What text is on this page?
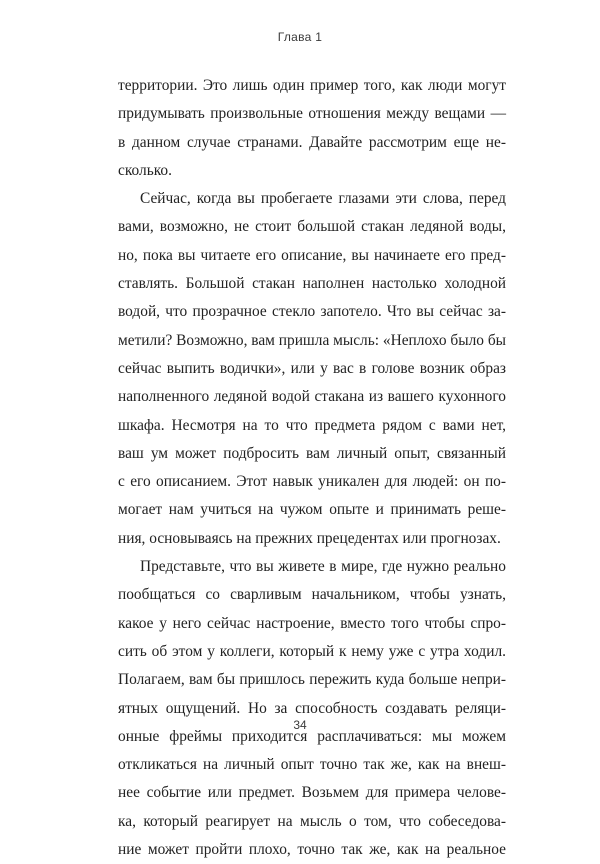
Глава 1
территории. Это лишь один пример того, как люди могут
придумывать произвольные отношения между вещами —
в данном случае странами. Давайте рассмотрим еще не-
сколько.
Сейчас, когда вы пробегаете глазами эти слова, перед
вами, возможно, не стоит большой стакан ледяной воды,
но, пока вы читаете его описание, вы начинаете его пред-
ставлять. Большой стакан наполнен настолько холодной
водой, что прозрачное стекло запотело. Что вы сейчас за-
метили? Возможно, вам пришла мысль: «Неплохо было бы
сейчас выпить водички», или у вас в голове возник образ
наполненного ледяной водой стакана из вашего кухонного
шкафа. Несмотря на то что предмета рядом с вами нет,
ваш ум может подбросить вам личный опыт, связанный
с его описанием. Этот навык уникален для людей: он по-
могает нам учиться на чужом опыте и принимать реше-
ния, основываясь на прежних прецедентах или прогнозах.
Представьте, что вы живете в мире, где нужно реально
пообщаться со сварливым начальником, чтобы узнать,
какое у него сейчас настроение, вместо того чтобы спро-
сить об этом у коллеги, который к нему уже с утра ходил.
Полагаем, вам бы пришлось пережить куда больше непри-
ятных ощущений. Но за способность создавать реляци-
онные фреймы приходится расплачиваться: мы можем
откликаться на личный опыт точно так же, как на внеш-
нее событие или предмет. Возьмем для примера челове-
ка, который реагирует на мысль о том, что собеседова-
ние может пройти плохо, точно так же, как на реальное
34
